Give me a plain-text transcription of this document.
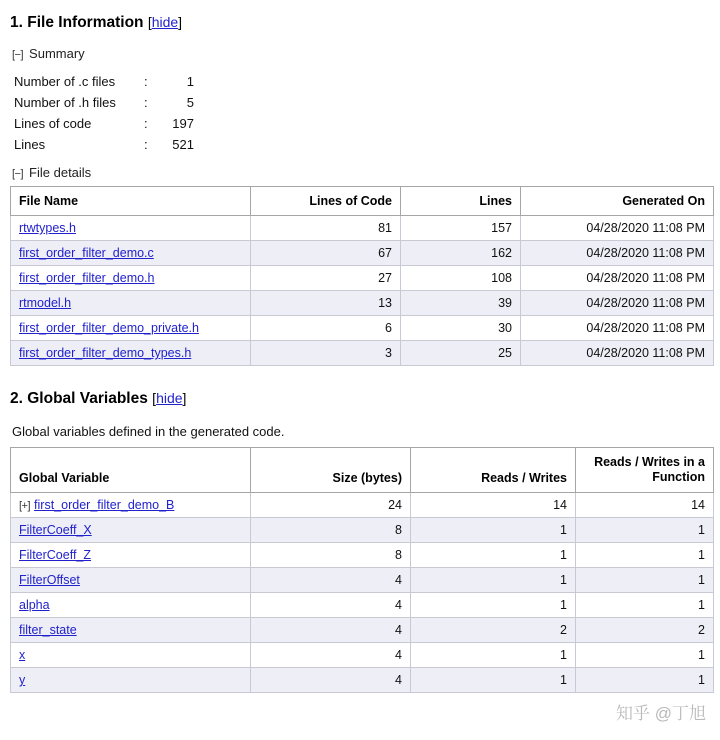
1. File Information [hide]
[−] Summary
Number of .c files	:	1
Number of .h files	:	5
Lines of code	:	197
Lines	:	521
[−] File details
File Name	Lines of Code	Lines	Generated On
rtwtypes.h	81	157	04/28/2020 11:08 PM
first_order_filter_demo.c	67	162	04/28/2020 11:08 PM
first_order_filter_demo.h	27	108	04/28/2020 11:08 PM
rtmodel.h	13	39	04/28/2020 11:08 PM
first_order_filter_demo_private.h	6	30	04/28/2020 11:08 PM
first_order_filter_demo_types.h	3	25	04/28/2020 11:08 PM
2. Global Variables [hide]
Global variables defined in the generated code.
Global Variable	Size (bytes)	Reads / Writes	Reads / Writes in a Function
[+] first_order_filter_demo_B	24	14	14
FilterCoeff_X	8	1	1
FilterCoeff_Z	8	1	1
FilterOffset	4	1	1
alpha	4	1	1
filter_state	4	2	2
x	4	1	1
y	4	1	1
知乎 @丁旭
